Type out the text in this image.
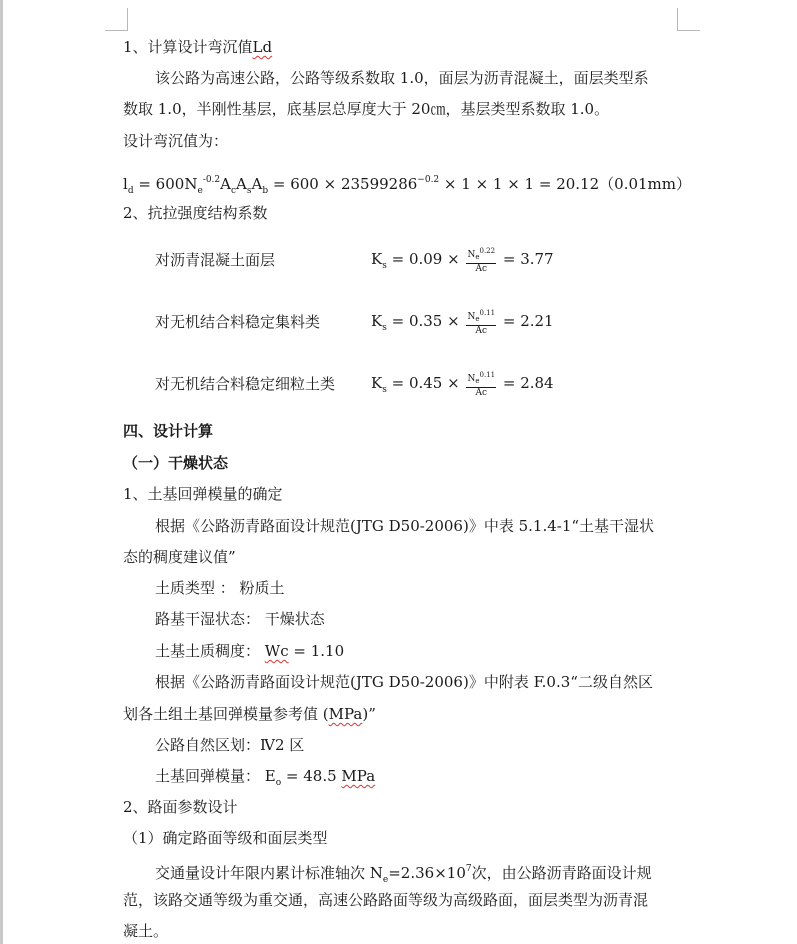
1、计算设计弯沉值Ld
该公路为高速公路，公路等级系数取 1.0，面层为沥青混凝土，面层类型系
数取 1.0，半刚性基层，底基层总厚度大于 20㎝，基层类型系数取 1.0。
设计弯沉值为：
$l_d = 600N_e^{-0.2}A_cA_sA_b = 600 \times 23599286^{-0.2} \times 1 \times 1 \times 1 = 20.12(0.01mm)$
2、抗拉强度结构系数
对沥青混凝土面层	$K_s = 0.09 \times \frac{N_e^{0.22}}{Ac} = 3.77$
对无机结合料稳定集料类	$K_s = 0.35 \times \frac{N_e^{0.11}}{Ac} = 2.21$
对无机结合料稳定细粒土类 $K_s = 0.45 \times \frac{N_e^{0.11}}{Ac} = 2.84$
四、设计计算
（一）干燥状态
1、土基回弹模量的确定
根据《公路沥青路面设计规范(JTG D50-2006)》中表 5.1.4-1“土基干湿状
态的稠度建议值”
土质类型 ： 粉质土
路基干湿状态： 干燥状态
土基土质稠度： Wc = 1.10
根据《公路沥青路面设计规范(JTG D50-2006)》中附表 F.0.3“二级自然区
划各土组土基回弹模量参考值 (MPa)”
公路自然区划：Ⅳ2 区
土基回弹模量： $E_o = 48.5$ MPa
2、路面参数设计
（1）确定路面等级和面层类型
交通量设计年限内累计标准轴次 $N_e=2.36\times 10^7$次，由公路沥青路面设计规
范，该路交通等级为重交通，高速公路路面等级为高级路面，面层类型为沥青混
凝土。
